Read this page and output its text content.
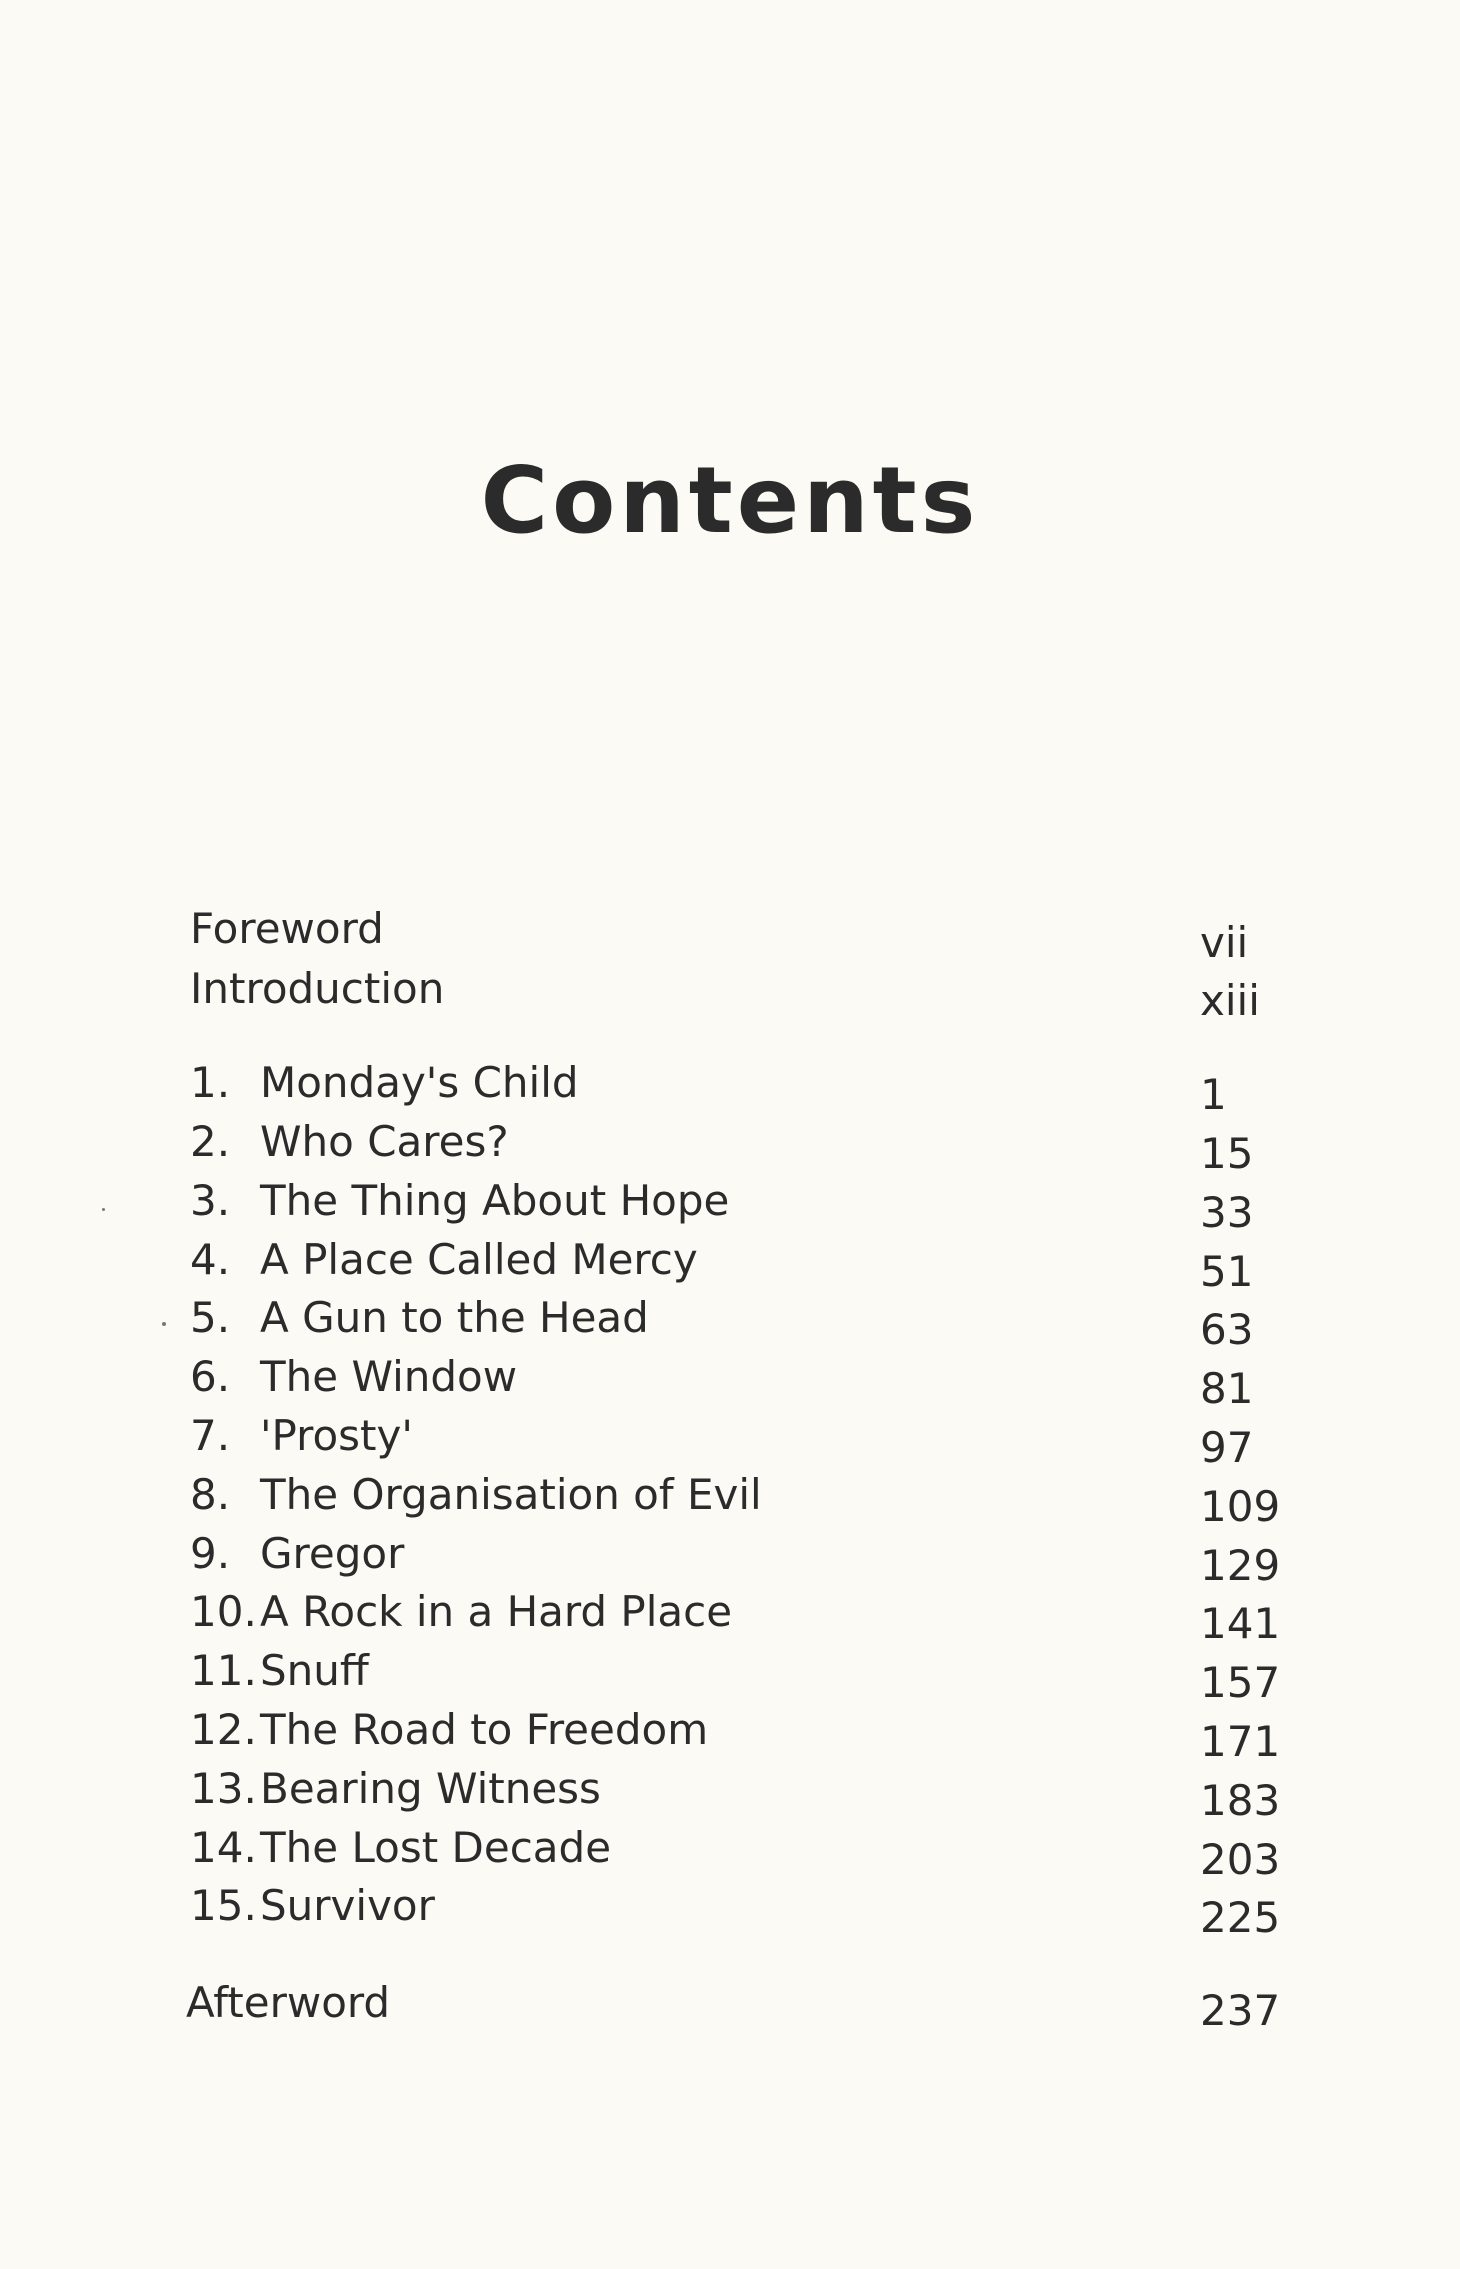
Contents
Foreword	vii
Introduction	xiii
1. Monday's Child	1
2. Who Cares?	15
3. The Thing About Hope	33
4. A Place Called Mercy	51
5. A Gun to the Head	63
6. The Window	81
7. 'Prosty'	97
8. The Organisation of Evil	109
9. Gregor	129
10.A Rock in a Hard Place	141
11.Snuff	157
12.The Road to Freedom	171
13.Bearing Witness	183
14.The Lost Decade	203
15.Survivor	225
Afterword	237
